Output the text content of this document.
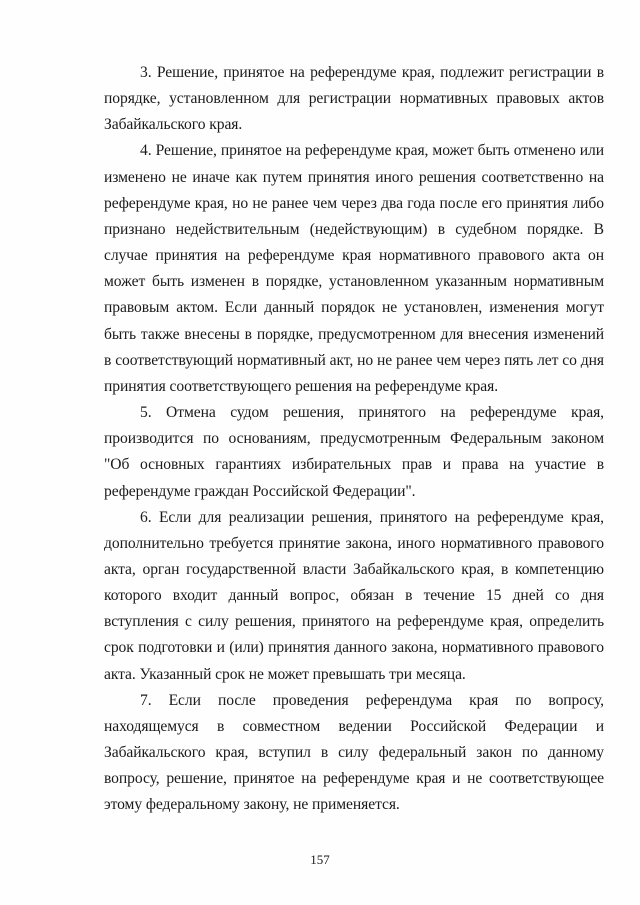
3. Решение, принятое на референдуме края, подлежит регистрации в порядке, установленном для регистрации нормативных правовых актов Забайкальского края.

4. Решение, принятое на референдуме края, может быть отменено или изменено не иначе как путем принятия иного решения соответственно на референдуме края, но не ранее чем через два года после его принятия либо признано недействительным (недействующим) в судебном порядке. В случае принятия на референдуме края нормативного правового акта он может быть изменен в порядке, установленном указанным нормативным правовым актом. Если данный порядок не установлен, изменения могут быть также внесены в порядке, предусмотренном для внесения изменений в соответствующий нормативный акт, но не ранее чем через пять лет со дня принятия соответствующего решения на референдуме края.

5. Отмена судом решения, принятого на референдуме края, производится по основаниям, предусмотренным Федеральным законом "Об основных гарантиях избирательных прав и права на участие в референдуме граждан Российской Федерации".

6. Если для реализации решения, принятого на референдуме края, дополнительно требуется принятие закона, иного нормативного правового акта, орган государственной власти Забайкальского края, в компетенцию которого входит данный вопрос, обязан в течение 15 дней со дня вступления с силу решения, принятого на референдуме края, определить срок подготовки и (или) принятия данного закона, нормативного правового акта. Указанный срок не может превышать три месяца.

7. Если после проведения референдума края по вопросу, находящемуся в совместном ведении Российской Федерации и Забайкальского края, вступил в силу федеральный закон по данному вопросу, решение, принятое на референдуме края и не соответствующее этому федеральному закону, не применяется.

157
